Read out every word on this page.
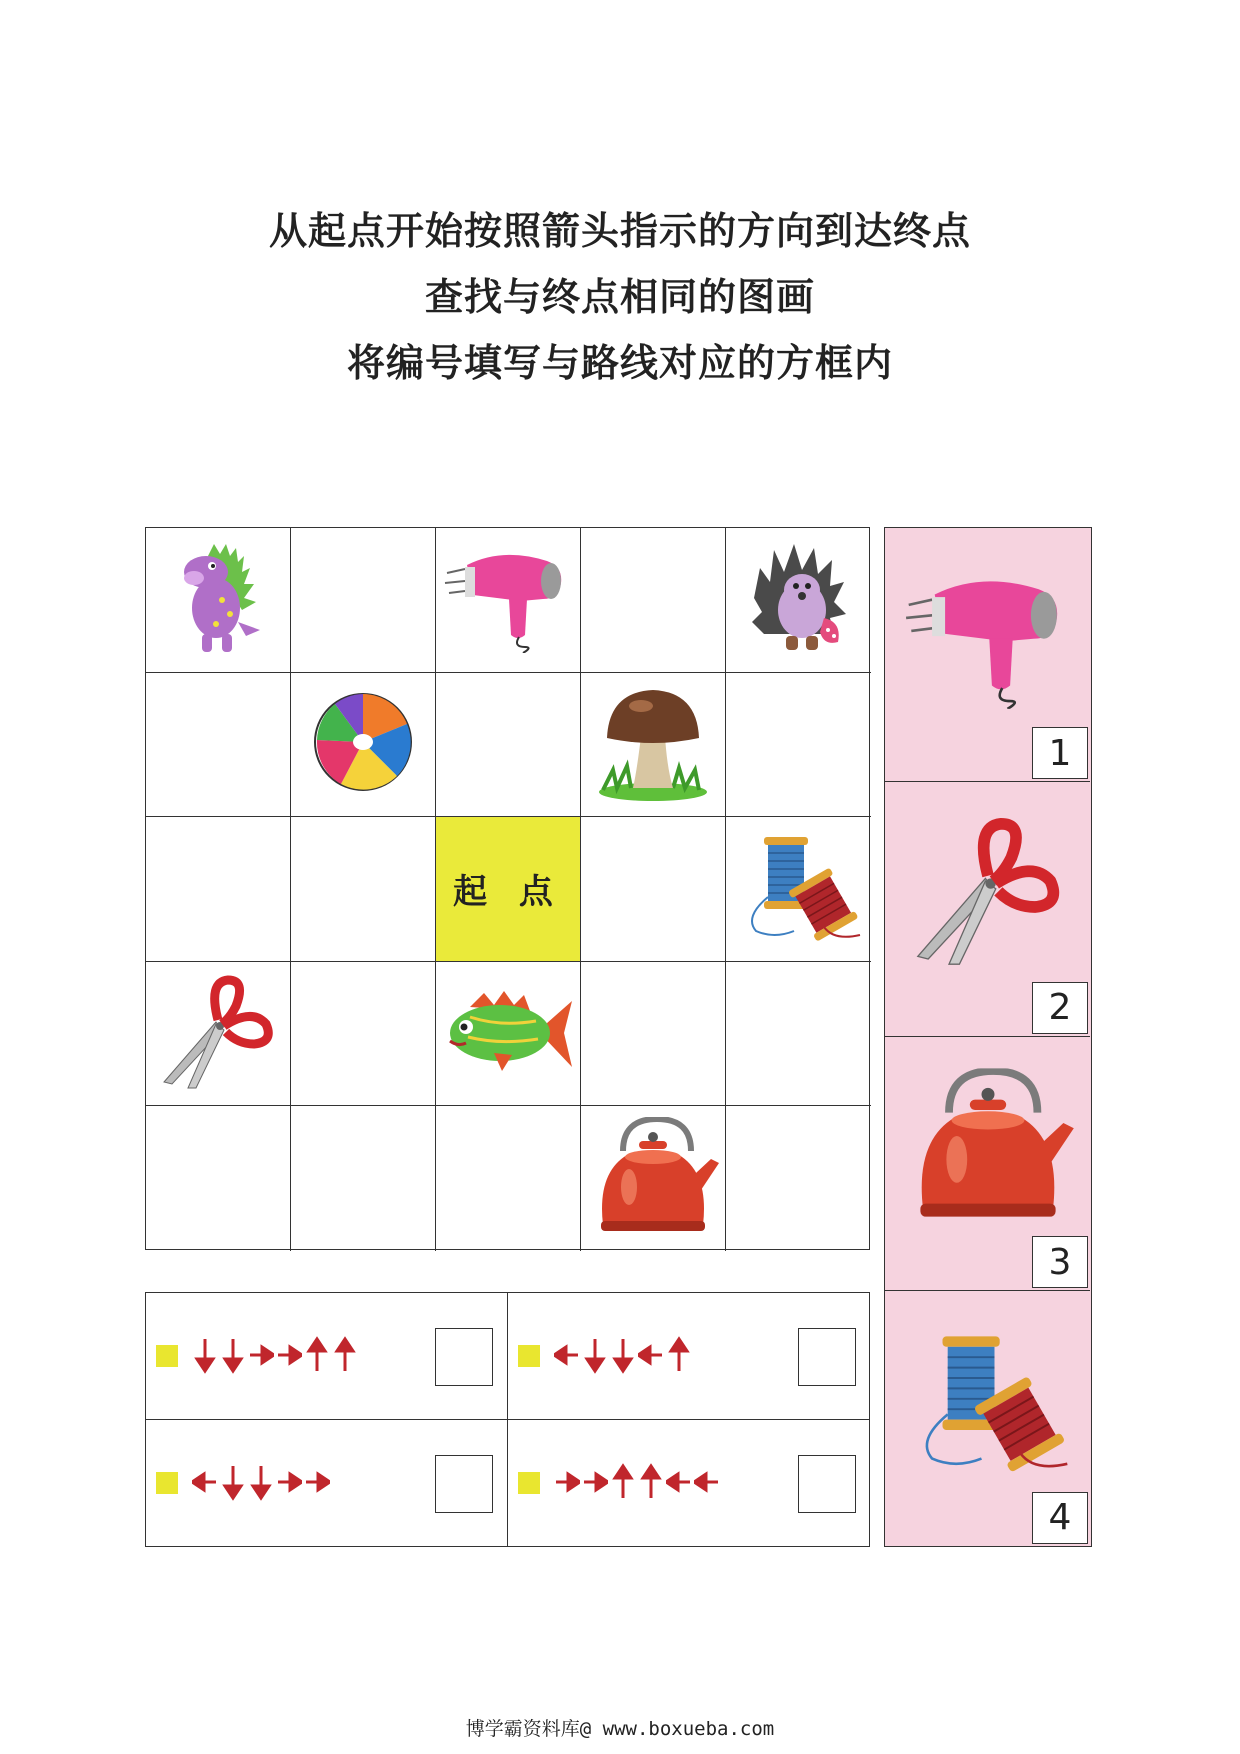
从起点开始按照箭头指示的方向到达终点
查找与终点相同的图画
将编号填写与路线对应的方框内
起 点
1
2
3
4
博学霸资料库@ www.boxueba.com
